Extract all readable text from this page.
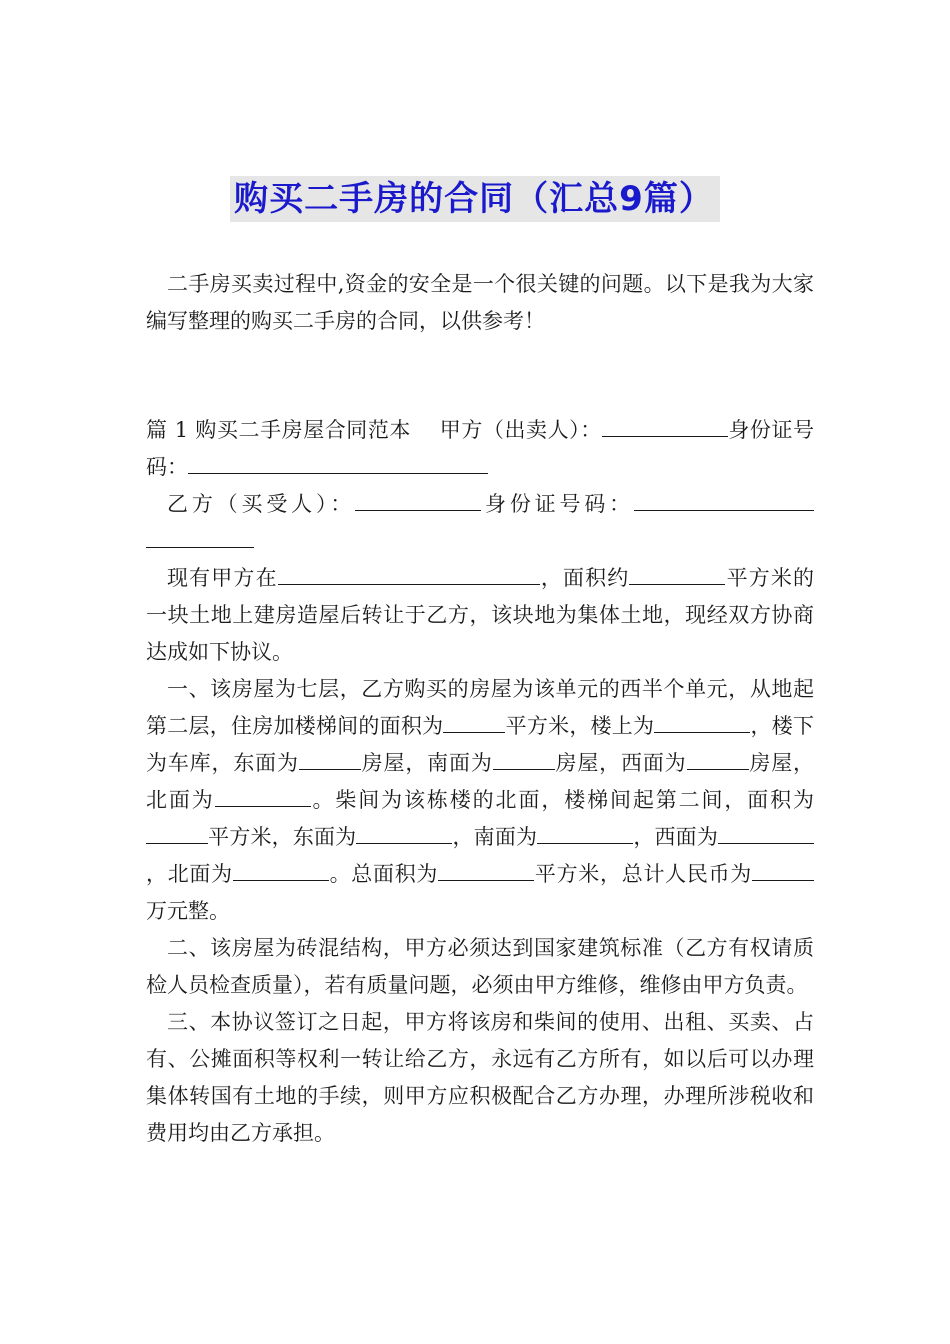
购买二手房的合同（汇总9篇）

二手房买卖过程中,资金的安全是一个很关键的问题。以下是我为大家编写整理的购买二手房的合同，以供参考！

篇 1 购买二手房屋合同范本　 甲方（出卖人）：	身份证号码：

乙方（买受人）：	身份证号码：

现有甲方在	，面积约	平方米的一块土地上建房造屋后转让于乙方，该块地为集体土地，现经双方协商达成如下协议。

一、该房屋为七层，乙方购买的房屋为该单元的西半个单元，从地起第二层，住房加楼梯间的面积为	平方米，楼上为	，楼下为车库，东面为	房屋，南面为	房屋，西面为	房屋，北面为	。柴间为该栋楼的北面，楼梯间起第二间，面积为平方米，东面为	，南面为	，西面为，北面为	。总面积为	平方米，总计人民币为万元整。

二、该房屋为砖混结构，甲方必须达到国家建筑标准（乙方有权请质检人员检查质量），若有质量问题，必须由甲方维修，维修由甲方负责。

三、本协议签订之日起，甲方将该房和柴间的使用、出租、买卖、占有、公摊面积等权利一转让给乙方，永远有乙方所有，如以后可以办理集体转国有土地的手续，则甲方应积极配合乙方办理，办理所涉税收和费用均由乙方承担。
